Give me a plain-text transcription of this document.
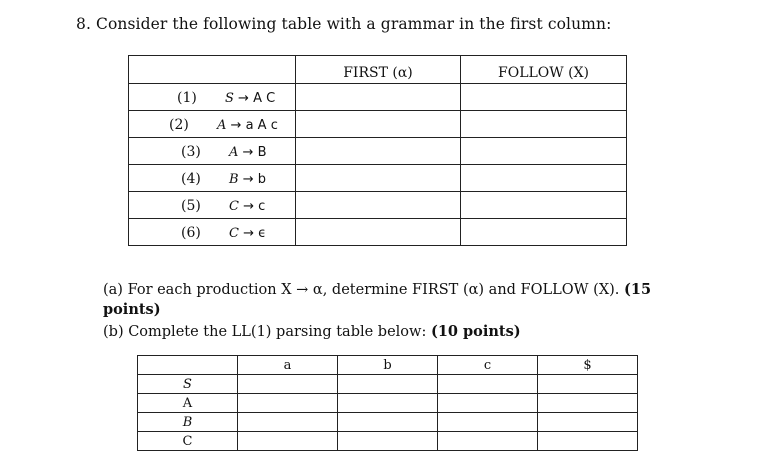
8. Consider the following table with a grammar in the first column:
	FIRST (α)	FOLLOW (X)

(1) S → A C		

(2) A → a A c		

(3) A → B		

(4) B → b		

(5) C → c		

(6) C → ϵ		

(a) For each production X → α, determine FIRST (α) and FOLLOW (X). (15 points)
(b) Complete the LL(1) parsing table below: (10 points)
	a	b	c	$
S				
A				
B				
C				
